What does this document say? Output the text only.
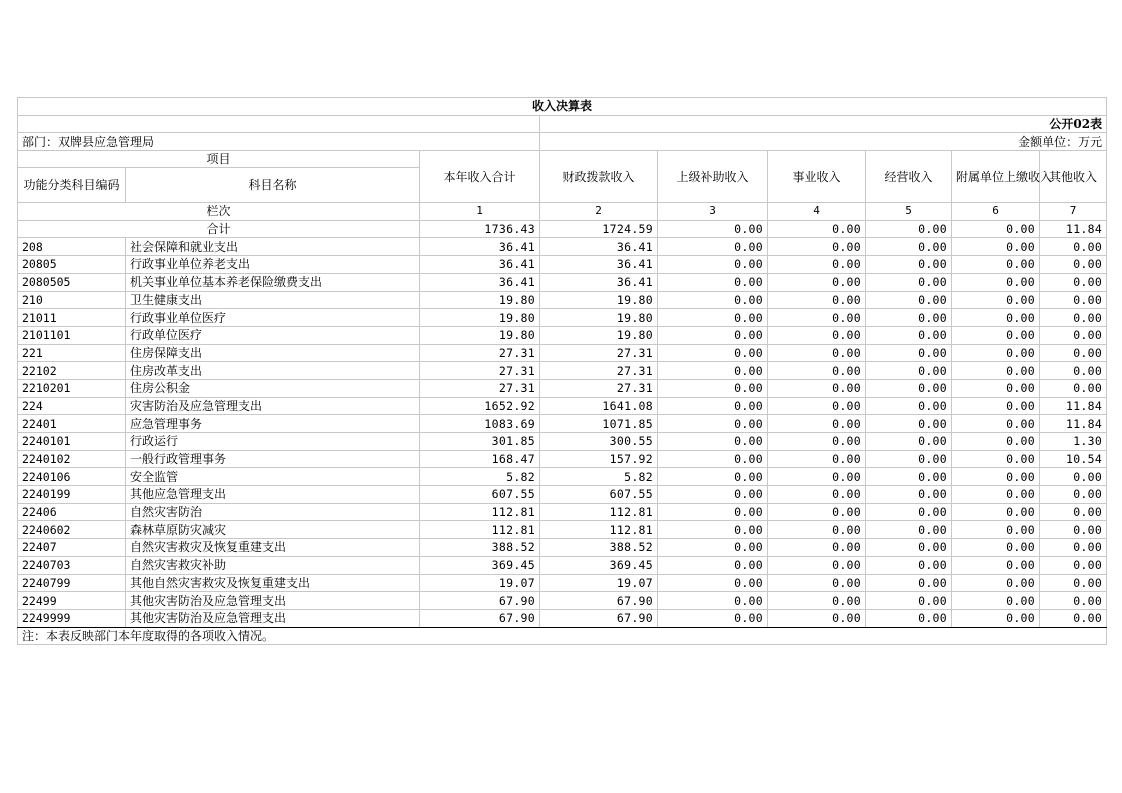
收入决算表								
			公开02表					
部门：双牌县应急管理局			金额单位：万元					
项目		本年收入合计	财政拨款收入	上级补助收入	事业收入	经营收入	附属单位上缴收入	其他收入
功能分类科目编码	科目名称							
栏次		1	2	3	4	5	6	7
合计		1736.43	1724.59	0.00	0.00	0.00	0.00	11.84
208	社会保障和就业支出	36.41	36.41	0.00	0.00	0.00	0.00	0.00
20805	行政事业单位养老支出	36.41	36.41	0.00	0.00	0.00	0.00	0.00
2080505	机关事业单位基本养老保险缴费支出	36.41	36.41	0.00	0.00	0.00	0.00	0.00
210	卫生健康支出	19.80	19.80	0.00	0.00	0.00	0.00	0.00
21011	行政事业单位医疗	19.80	19.80	0.00	0.00	0.00	0.00	0.00
2101101	行政单位医疗	19.80	19.80	0.00	0.00	0.00	0.00	0.00
221	住房保障支出	27.31	27.31	0.00	0.00	0.00	0.00	0.00
22102	住房改革支出	27.31	27.31	0.00	0.00	0.00	0.00	0.00
2210201	住房公积金	27.31	27.31	0.00	0.00	0.00	0.00	0.00
224	灾害防治及应急管理支出	1652.92	1641.08	0.00	0.00	0.00	0.00	11.84
22401	应急管理事务	1083.69	1071.85	0.00	0.00	0.00	0.00	11.84
2240101	行政运行	301.85	300.55	0.00	0.00	0.00	0.00	1.30
2240102	一般行政管理事务	168.47	157.92	0.00	0.00	0.00	0.00	10.54
2240106	安全监管	5.82	5.82	0.00	0.00	0.00	0.00	0.00
2240199	其他应急管理支出	607.55	607.55	0.00	0.00	0.00	0.00	0.00
22406	自然灾害防治	112.81	112.81	0.00	0.00	0.00	0.00	0.00
2240602	森林草原防灾减灾	112.81	112.81	0.00	0.00	0.00	0.00	0.00
22407	自然灾害救灾及恢复重建支出	388.52	388.52	0.00	0.00	0.00	0.00	0.00
2240703	自然灾害救灾补助	369.45	369.45	0.00	0.00	0.00	0.00	0.00
2240799	其他自然灾害救灾及恢复重建支出	19.07	19.07	0.00	0.00	0.00	0.00	0.00
22499	其他灾害防治及应急管理支出	67.90	67.90	0.00	0.00	0.00	0.00	0.00
2249999	其他灾害防治及应急管理支出	67.90	67.90	0.00	0.00	0.00	0.00	0.00
注：本表反映部门本年度取得的各项收入情况。								
